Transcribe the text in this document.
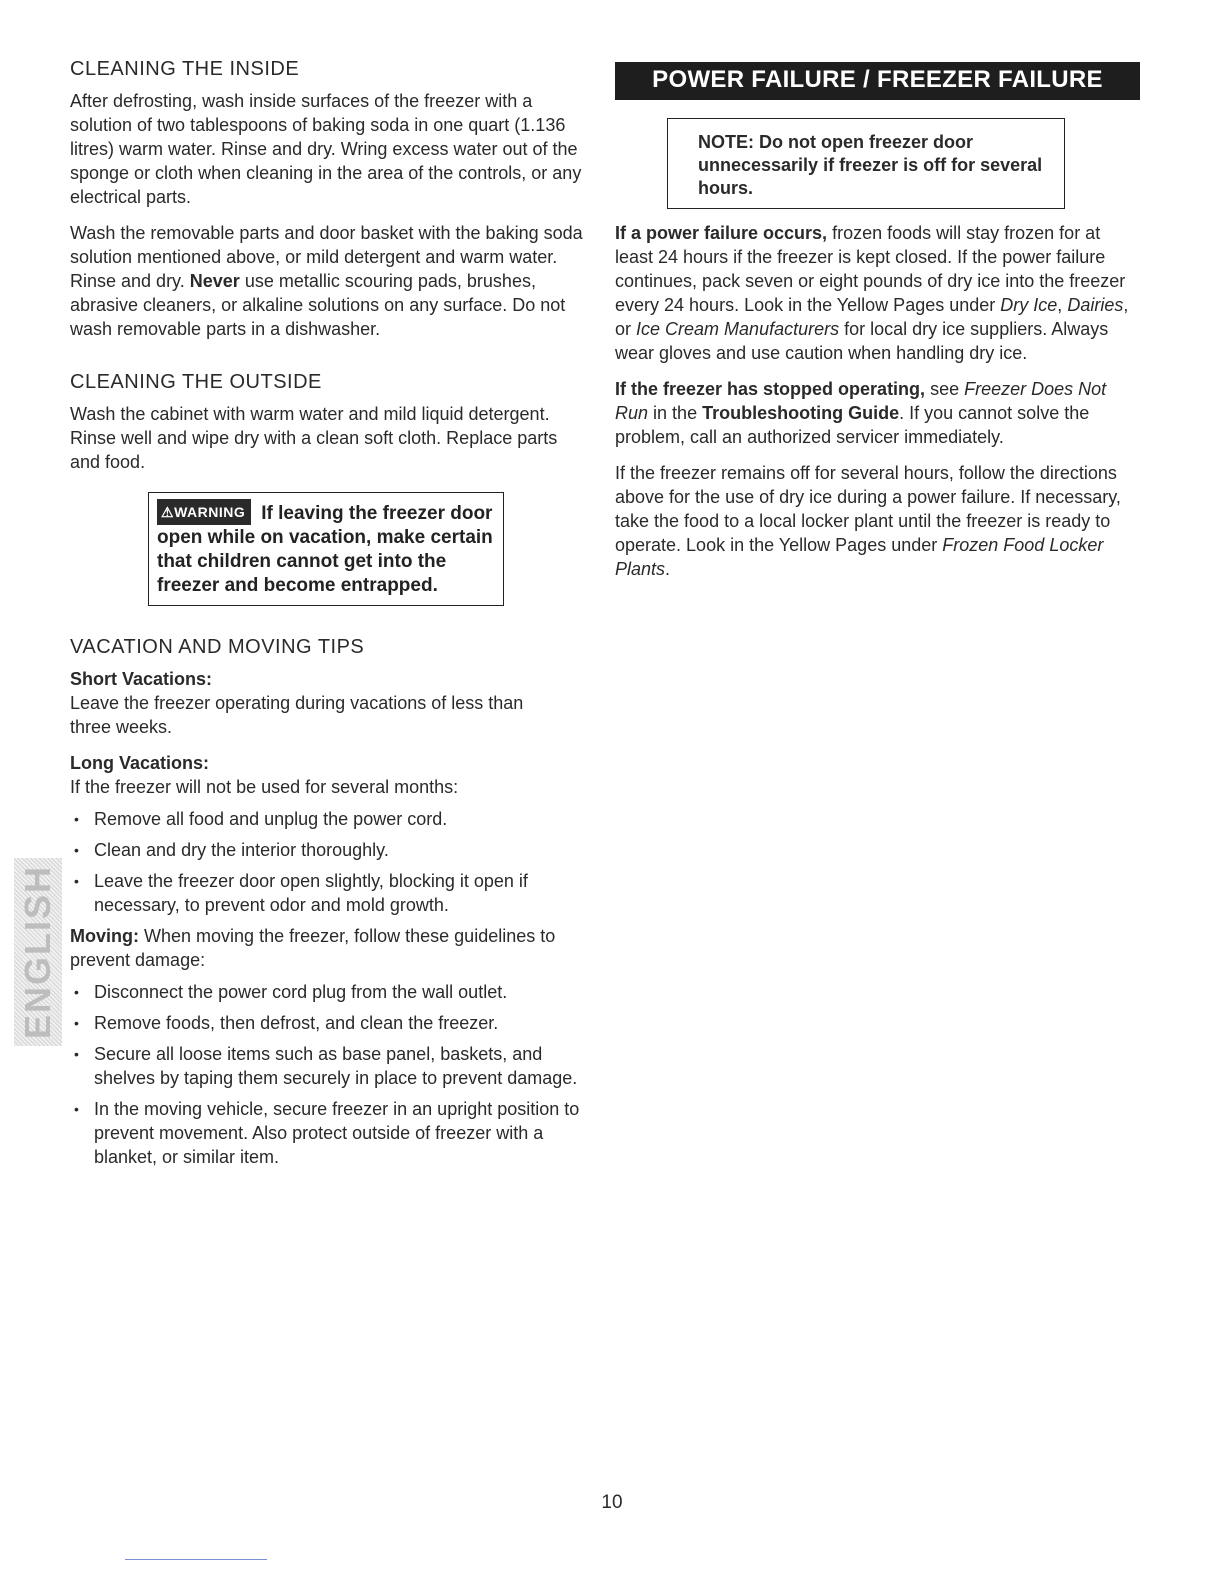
CLEANING THE INSIDE

After defrosting, wash inside surfaces of the freezer with a solution of two tablespoons of baking soda in one quart (1.136 litres) warm water. Rinse and dry. Wring excess water out of the sponge or cloth when cleaning in the area of the controls, or any electrical parts.

Wash the removable parts and door basket with the baking soda solution mentioned above, or mild detergent and warm water. Rinse and dry. Never use metallic scouring pads, brushes, abrasive cleaners, or alkaline solutions on any surface. Do not wash removable parts in a dishwasher.

CLEANING THE OUTSIDE

Wash the cabinet with warm water and mild liquid detergent. Rinse well and wipe dry with a clean soft cloth. Replace parts and food.

⚠WARNING If leaving the freezer door open while on vacation, make certain that children cannot get into the freezer and become entrapped.
VACATION AND MOVING TIPS

Short Vacations:

Leave the freezer operating during vacations of less than three weeks.

Long Vacations:

If the freezer will not be used for several months:

• Remove all food and unplug the power cord.
• Clean and dry the interior thoroughly.
• Leave the freezer door open slightly, blocking it open if necessary, to prevent odor and mold growth.

Moving: When moving the freezer, follow these guidelines to prevent damage:

• Disconnect the power cord plug from the wall outlet.
• Remove foods, then defrost, and clean the freezer.
• Secure all loose items such as base panel, baskets, and shelves by taping them securely in place to prevent damage.
• In the moving vehicle, secure freezer in an upright position to prevent movement. Also protect outside of freezer with a blanket, or similar item.
POWER FAILURE / FREEZER FAILURE
NOTE: Do not open freezer door unnecessarily if freezer is off for several hours.

If a power failure occurs, frozen foods will stay frozen for at least 24 hours if the freezer is kept closed. If the power failure continues, pack seven or eight pounds of dry ice into the freezer every 24 hours. Look in the Yellow Pages under Dry Ice, Dairies, or Ice Cream Manufacturers for local dry ice suppliers. Always wear gloves and use caution when handling dry ice.

If the freezer has stopped operating, see Freezer Does Not Run in the Troubleshooting Guide. If you cannot solve the problem, call an authorized servicer immediately.

If the freezer remains off for several hours, follow the directions above for the use of dry ice during a power failure. If necessary, take the food to a local locker plant until the freezer is ready to operate. Look in the Yellow Pages under Frozen Food Locker Plants.

ENGLISH
10
